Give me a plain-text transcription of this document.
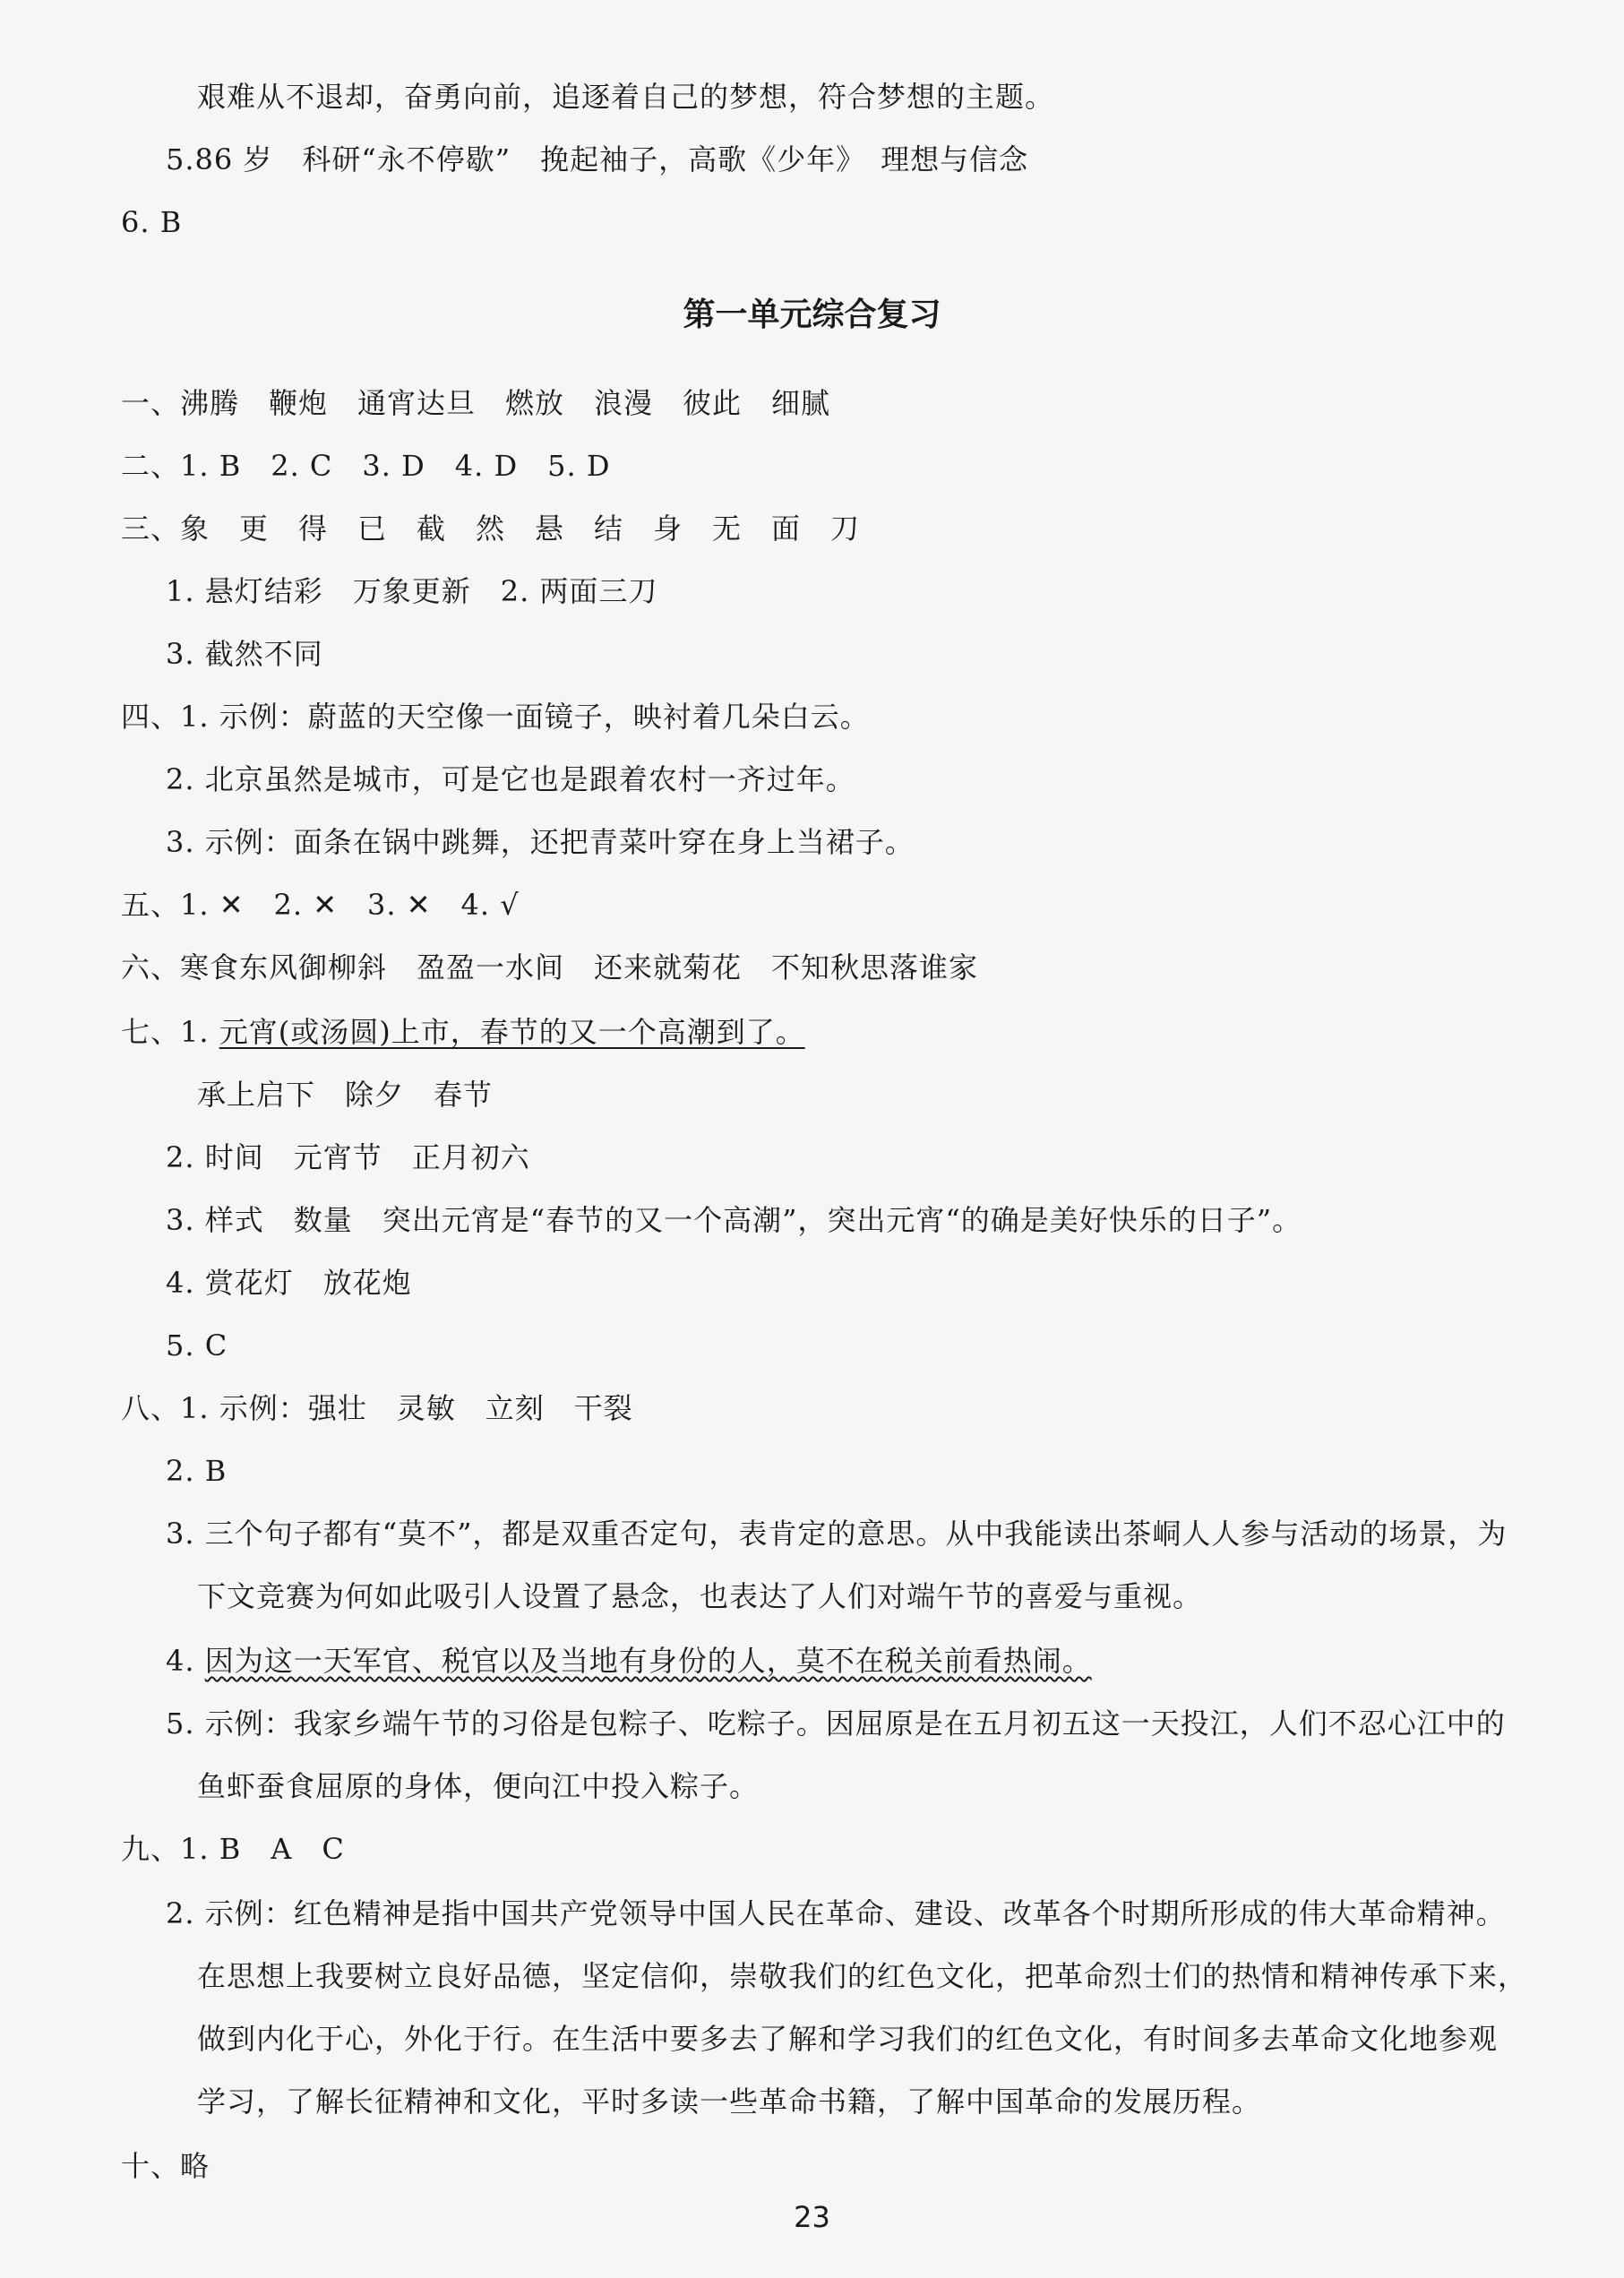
艰难从不退却，奋勇向前，追逐着自己的梦想，符合梦想的主题。
5.86 岁　科研“永不停歇”　挽起袖子，高歌《少年》　理想与信念
6. B
第一单元综合复习
一、沸腾　鞭炮　通宵达旦　燃放　浪漫　彼此　细腻
二、1. B　2. C　3. D　4. D　5. D
三、象　更　得　已　截　然　悬　结　身　无　面　刀
1. 悬灯结彩　万象更新　2. 两面三刀
3. 截然不同
四、1. 示例：蔚蓝的天空像一面镜子，映衬着几朵白云。
2. 北京虽然是城市，可是它也是跟着农村一齐过年。
3. 示例：面条在锅中跳舞，还把青菜叶穿在身上当裙子。
五、1. ✕　2. ✕　3. ✕　4. √
六、寒食东风御柳斜　盈盈一水间　还来就菊花　不知秋思落谁家
七、1. 元宵(或汤圆)上市，春节的又一个高潮到了。
承上启下　除夕　春节
2. 时间　元宵节　正月初六
3. 样式　数量　突出元宵是“春节的又一个高潮”，突出元宵“的确是美好快乐的日子”。
4. 赏花灯　放花炮
5. C
八、1. 示例：强壮　灵敏　立刻　干裂
2. B
3. 三个句子都有“莫不”，都是双重否定句，表肯定的意思。从中我能读出茶峒人人参与活动的场景，为
下文竞赛为何如此吸引人设置了悬念，也表达了人们对端午节的喜爱与重视。
4. 因为这一天军官、税官以及当地有身份的人，莫不在税关前看热闹。
5. 示例：我家乡端午节的习俗是包粽子、吃粽子。因屈原是在五月初五这一天投江，人们不忍心江中的
鱼虾蚕食屈原的身体，便向江中投入粽子。
九、1. B　A　C
2. 示例：红色精神是指中国共产党领导中国人民在革命、建设、改革各个时期所形成的伟大革命精神。
在思想上我要树立良好品德，坚定信仰，崇敬我们的红色文化，把革命烈士们的热情和精神传承下来，
做到内化于心，外化于行。在生活中要多去了解和学习我们的红色文化，有时间多去革命文化地参观
学习，了解长征精神和文化，平时多读一些革命书籍，了解中国革命的发展历程。
十、略
23
